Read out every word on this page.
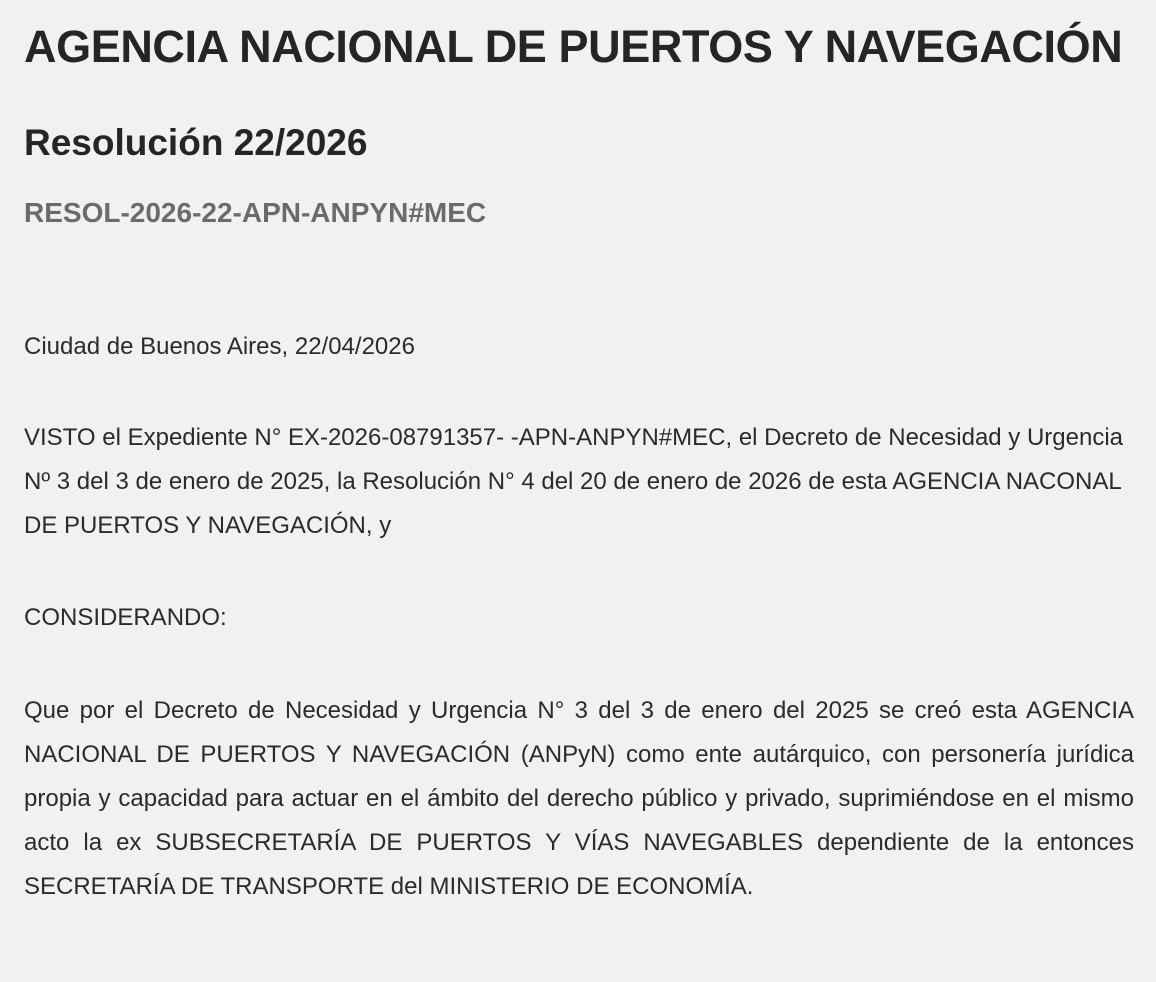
AGENCIA NACIONAL DE PUERTOS Y NAVEGACIÓN
Resolución 22/2026
RESOL-2026-22-APN-ANPYN#MEC

Ciudad de Buenos Aires, 22/04/2026

VISTO el Expediente N° EX-2026-08791357- -APN-ANPYN#MEC, el Decreto de Necesidad y Urgencia Nº 3 del 3 de enero de 2025, la Resolución N° 4 del 20 de enero de 2026 de esta AGENCIA NACONAL DE PUERTOS Y NAVEGACIÓN, y

CONSIDERANDO:

Que por el Decreto de Necesidad y Urgencia N° 3 del 3 de enero del 2025 se creó esta AGENCIA NACIONAL DE PUERTOS Y NAVEGACIÓN (ANPyN) como ente autárquico, con personería jurídica propia y capacidad para actuar en el ámbito del derecho público y privado, suprimiéndose en el mismo acto la ex SUBSECRETARÍA DE PUERTOS Y VÍAS NAVEGABLES dependiente de la entonces SECRETARÍA DE TRANSPORTE del MINISTERIO DE ECONOMÍA.
